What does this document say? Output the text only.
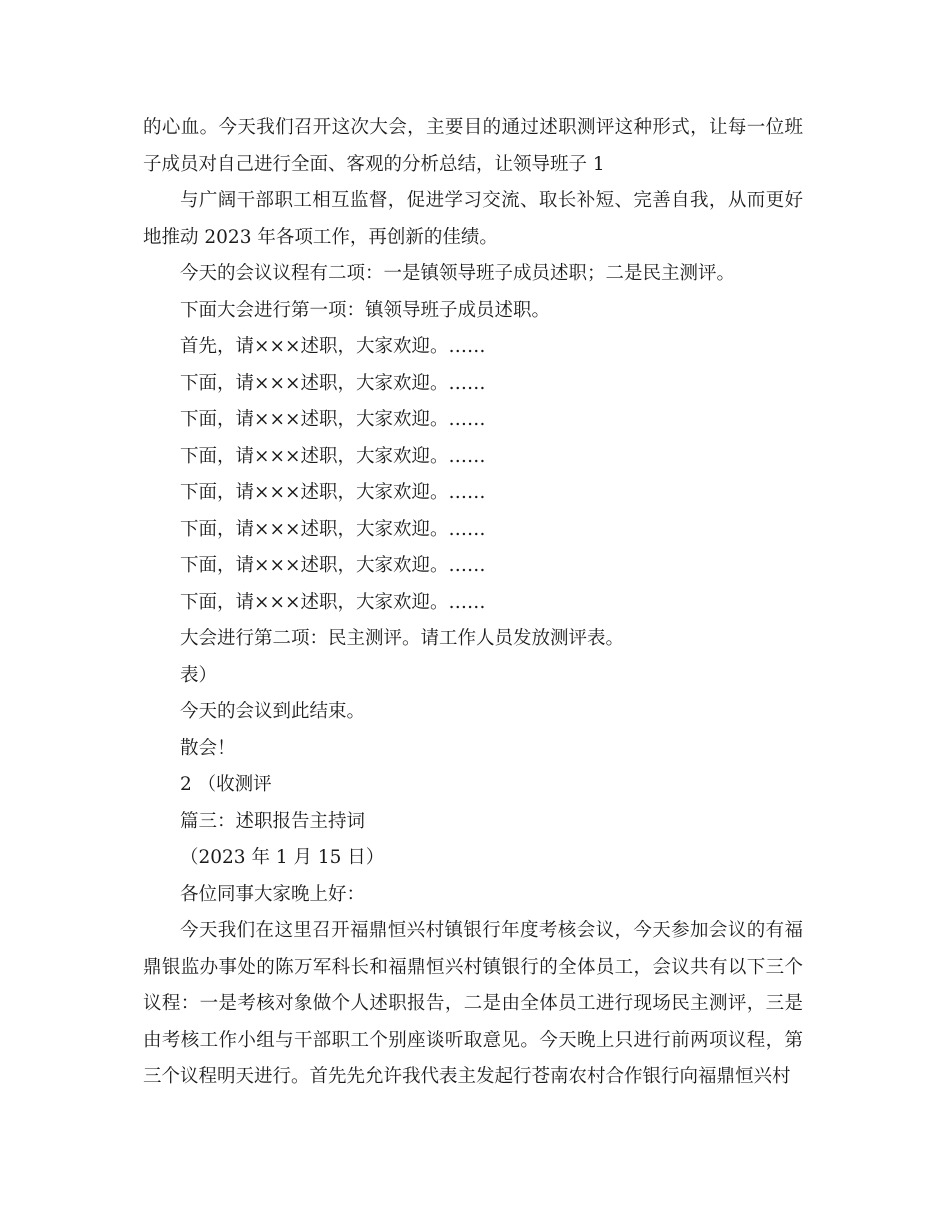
的心血。今天我们召开这次大会，主要目的通过述职测评这种形式，让每一位班子成员对自己进行全面、客观的分析总结，让领导班子 1

与广阔干部职工相互监督，促进学习交流、取长补短、完善自我，从而更好地推动 2023 年各项工作，再创新的佳绩。

今天的会议议程有二项：一是镇领导班子成员述职；二是民主测评。

下面大会进行第一项：镇领导班子成员述职。

首先，请×××述职，大家欢迎。……

下面，请×××述职，大家欢迎。……

下面，请×××述职，大家欢迎。……

下面，请×××述职，大家欢迎。……

下面，请×××述职，大家欢迎。……

下面，请×××述职，大家欢迎。……

下面，请×××述职，大家欢迎。……

下面，请×××述职，大家欢迎。……

大会进行第二项：民主测评。请工作人员发放测评表。

表）

今天的会议到此结束。

散会！

2 （收测评

篇三：述职报告主持词

（2023 年 1 月 15 日）

各位同事大家晚上好：

今天我们在这里召开福鼎恒兴村镇银行年度考核会议，今天参加会议的有福鼎银监办事处的陈万军科长和福鼎恒兴村镇银行的全体员工，会议共有以下三个议程：一是考核对象做个人述职报告，二是由全体员工进行现场民主测评，三是由考核工作小组与干部职工个别座谈听取意见。今天晚上只进行前两项议程，第三个议程明天进行。首先先允许我代表主发起行苍南农村合作银行向福鼎恒兴村
